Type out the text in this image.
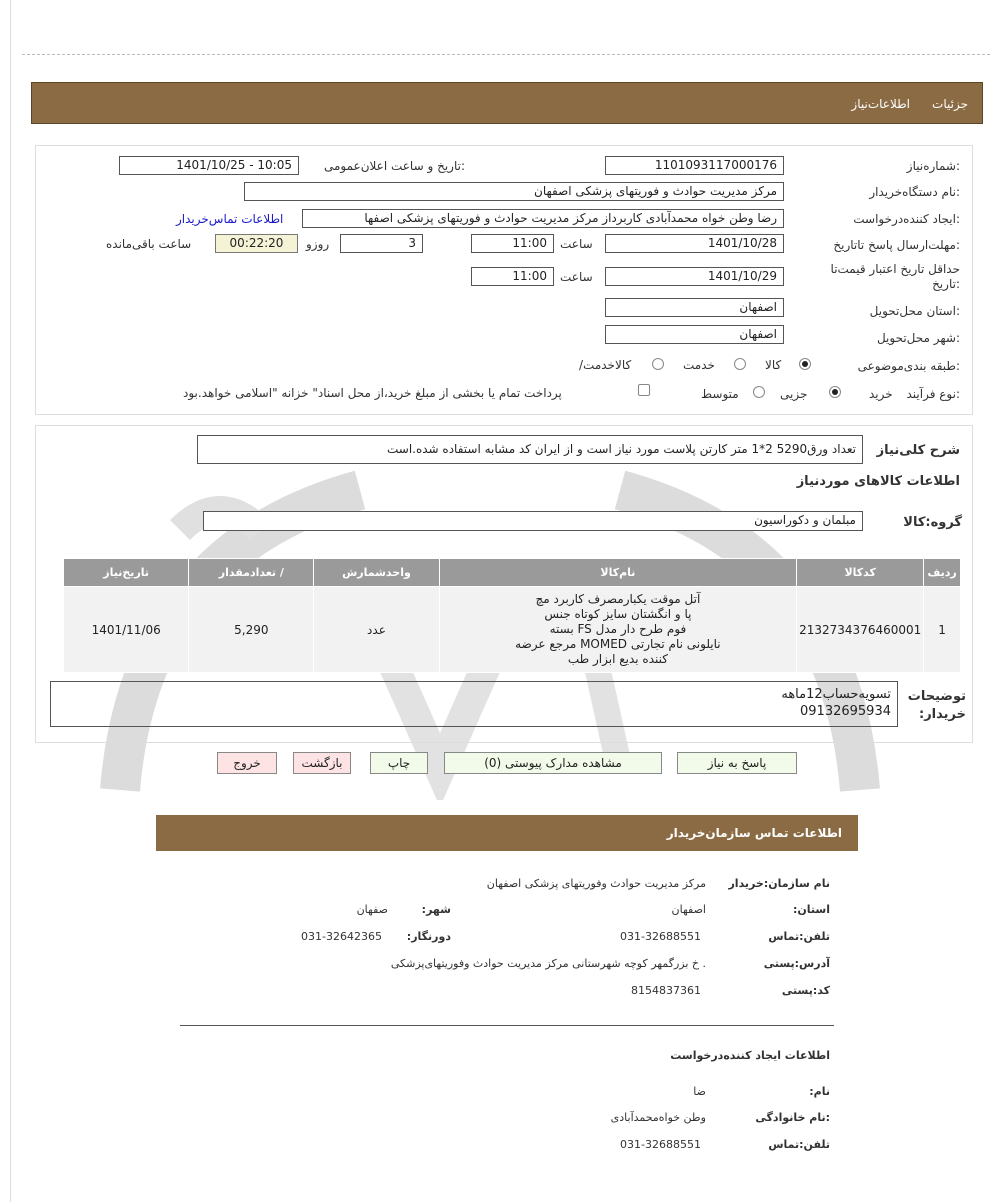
جزئیات
اطلاعات‌نیاز
شماره‌نیاز:
1101093117000176
تاریخ و ساعت اعلان‌عمومی:
1401/10/25 - 10:05
نام دستگاه‌خریدار:
مرکز مدیریت حوادث و فوریتهای پزشکی اصفهان
ایجاد کننده‌درخواست:
رضا وطن خواه محمدآبادی کاربرداز مرکز مدیریت حوادث و فوریتهای پزشکی اصفها
اطلاعات تماس‌خریدار
مهلت‌ارسال پاسخ تا‌تاریخ:
1401/10/28
ساعت
11:00
3
روزو
00:22:20
ساعت باقی‌مانده
حداقل تاریخ اعتبار قیمت‌تا تاریخ:
1401/10/29
ساعت
11:00
استان محل‌تحویل:
اصفهان
شهر محل‌تحویل:
اصفهان
طبقه بندی‌موضوعی:
کالا
خدمت
/کالاخدمت
نوع فرآیند:
خرید
جزیی
متوسط
پرداخت تمام یا بخشی از مبلغ خرید،از محل اسناد" خزانه "اسلامی خواهد.بود
شرح کلی‌نیاز
تعداد ورق5290 2*1 متر کارتن پلاست مورد نیاز است و از ایران کد مشابه استفاده شده.است
اطلاعات کالاهای موردنیاز
گروه:کالا
مبلمان و دکوراسیون
ردیف	کدکالا	نام‌کالا	واحدشمارش	/ تعدادمقدار	تاریخ‌نیاز
1	2132734376460001	آتل موقت یکبارمصرف کاربرد مچ
پا و انگشتان سایز کوتاه جنس
فوم طرح دار مدل FS بسته
نایلونی نام تجارتی MOMED مرجع عرضه
کننده بدیع ابزار طب	عدد	5,290	1401/11/06
توضیحات
:خریدار
تسویه‌حساب12ماهه
09132695934
پاسخ به نیاز
مشاهده مدارک پیوستی (0)
چاپ
بازگشت
خروج
اطلاعات تماس سازمان‌خریدار
نام سازمان‌:خریدار
مرکز مدیریت حوادث وفوریتهای پزشکی اصفهان
:استان
اصفهان
:شهر
صفهان
تلفن‌:تماس
031-32688551
:دورنگار
031-32642365
آدرس‌:پستی
خ بزرگمهر کوچه شهرستانی مرکز مدیریت حوادث وفوریتهای‌پزشکی .
کد‌:پستی
8154837361
اطلاعات ایجاد کننده‌درخواست
:نام
ضا
نام خانوادگی:
وطن خواه‌محمدآبادی
تلفن‌:تماس
031-32688551
